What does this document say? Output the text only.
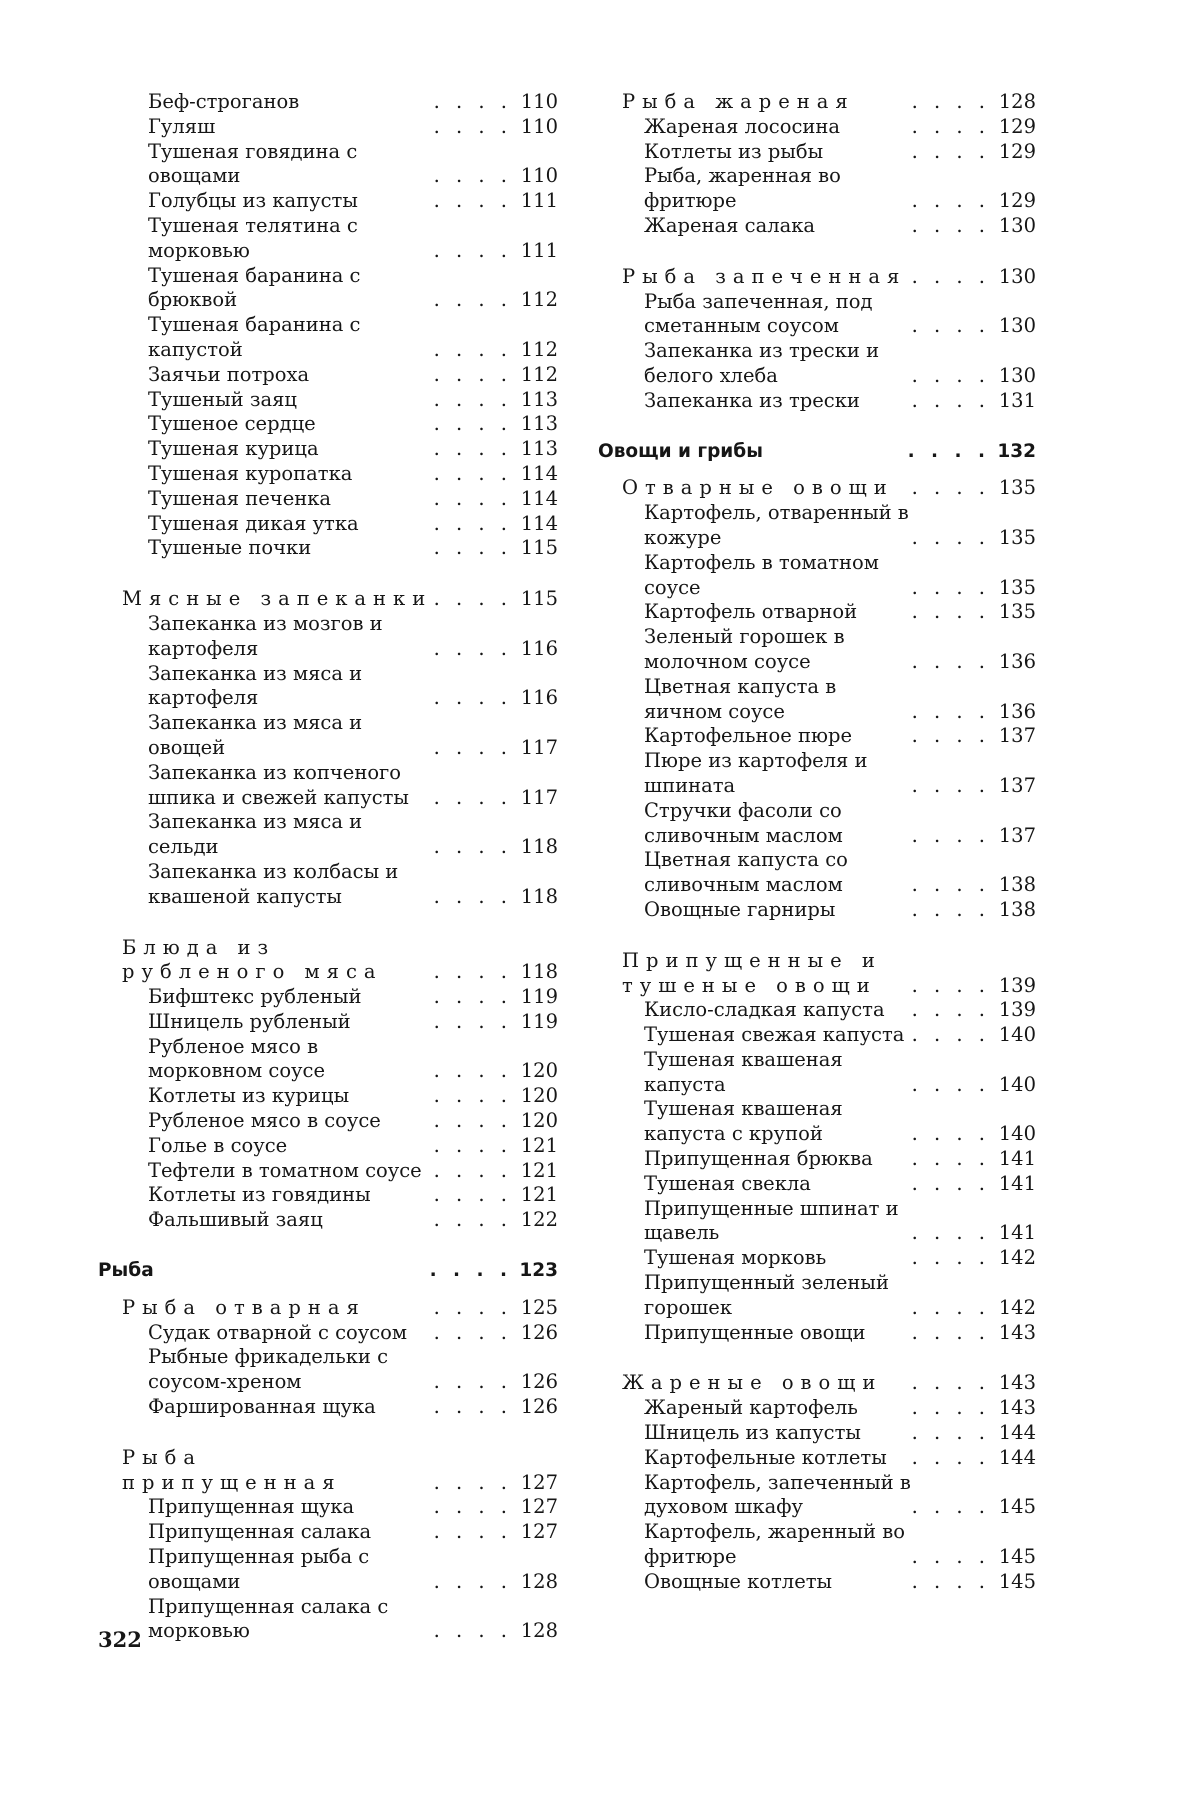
Беф-строганов	. . . . 110
Гуляш	. . . . 110
Тушеная говядина с овощами	. . . . 110
Голубцы из капусты	. . . . 111
Тушеная телятина с морковью	. . . . 111
Тушеная баранина с брюквой	. . . . 112
Тушеная баранина с капустой	. . . . 112
Заячьи потроха	. . . . 112
Тушеный заяц	. . . . 113
Тушеное сердце	. . . . 113
Тушеная курица	. . . . 113
Тушеная куропатка	. . . . 114
Тушеная печенка	. . . . 114
Тушеная дикая утка	. . . . 114
Тушеные почки	. . . . 115
Мясные запеканки . . . . 115
Запеканка из мозгов и картофеля	. . . . 116
Запеканка из мяса и картофеля	. . . . 116
Запеканка из мяса и овощей	. . . . 117
Запеканка из копченого шпика и свежей капусты	. . . . 117
Запеканка из мяса и сельди	. . . . 118
Запеканка из колбасы и квашеной капусты	. . . . 118
Блюда из рубленого мяса	. . . . 118
Бифштекс рубленый	. . . . 119
Шницель рубленый	. . . . 119
Рубленое мясо в морковном соусе	. . . . 120
Котлеты из курицы	. . . . 120
Рубленое мясо в соусе	. . . . 120
Голье в соусе	. . . . 121
Тефтели в томатном соусе . . . . 121
Котлеты из говядины	. . . . 121
Фальшивый заяц	. . . . 122
Рыба	. . . . 123
Рыба отварная	. . . . 125
Судак отварной с соусом	. . . . 126
Рыбные фрикадельки с соусом-хреном	. . . . 126
Фаршированная щука	. . . . 126
Рыба припущенная	. . . . 127
Припущенная щука	. . . . 127
Припущенная салака	. . . . 127
Припущенная рыба с овощами	. . . . 128
Припущенная салака с морковью	. . . . 128
Рыба жареная	. . . . 128
Жареная лососина	. . . . 129
Котлеты из рыбы	. . . . 129
Рыба, жаренная во фритюре	. . . . 129
Жареная салака	. . . . 130
Рыба запеченная . . . . 130
Рыба запеченная, под сметанным соусом	. . . . 130
Запеканка из трески и белого хлеба	. . . . 130
Запеканка из трески	. . . . 131
Овощи и грибы	. . . . 132
Отварные овощи . . . . 135
Картофель, отваренный в кожуре	. . . . 135
Картофель в томатном соусе	. . . . 135
Картофель отварной	. . . . 135
Зеленый горошек в молочном соусе	. . . . 136
Цветная капуста в яичном соусе	. . . . 136
Картофельное пюре	. . . . 137
Пюре из картофеля и шпината	. . . . 137
Стручки фасоли со сливочным маслом	. . . . 137
Цветная капуста со сливочным маслом	. . . . 138
Овощные гарниры	. . . . 138
Припущенные и тушеные овощи	. . . . 139
Кисло-сладкая капуста	. . . . 139
Тушеная свежая капуста . . . . 140
Тушеная квашеная капуста	. . . . 140
Тушеная квашеная капуста с крупой	. . . . 140
Припущенная брюква	. . . . 141
Тушеная свекла	. . . . 141
Припущенные шпинат и щавель	. . . . 141
Тушеная морковь	. . . . 142
Припущенный зеленый горошек	. . . . 142
Припущенные овощи	. . . . 143
Жареные овощи	. . . . 143
Жареный картофель	. . . . 143
Шницель из капусты	. . . . 144
Картофельные котлеты	. . . . 144
Картофель, запеченный в духовом шкафу	. . . . 145
Картофель, жаренный во фритюре	. . . . 145
Овощные котлеты	. . . . 145
322
